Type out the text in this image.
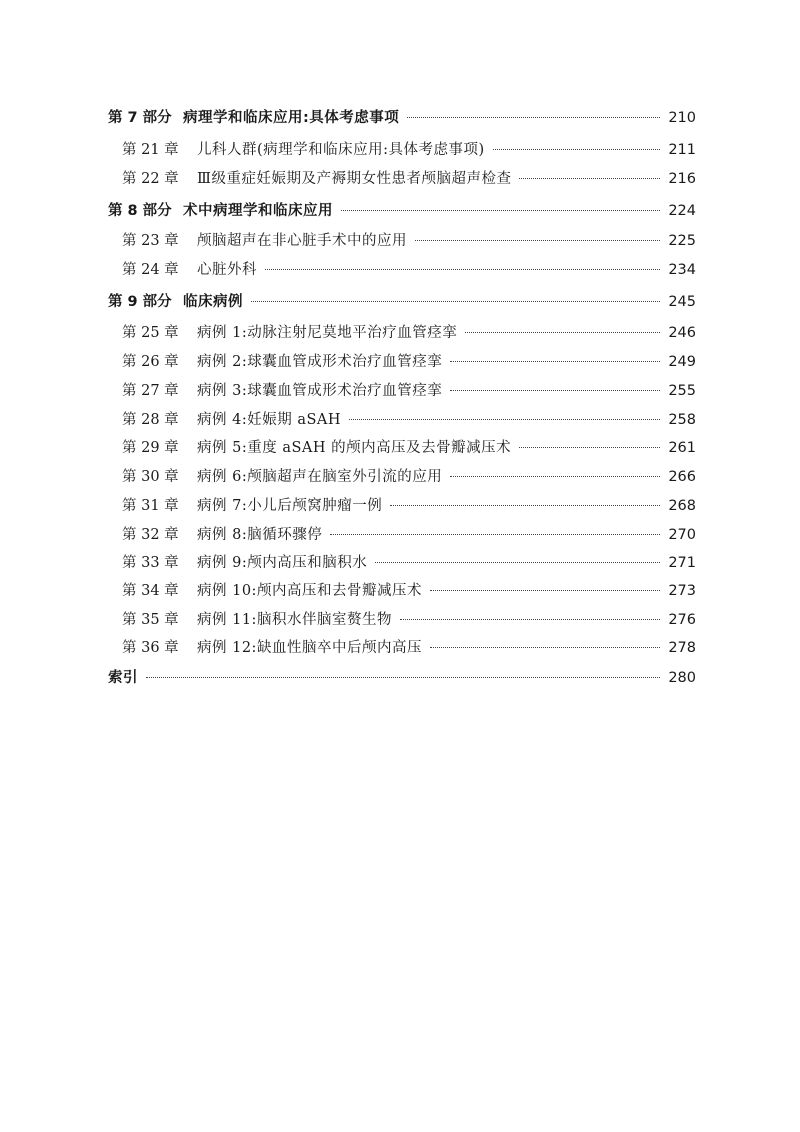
第 7 部分 病理学和临床应用:具体考虑事项	210
第 21 章	儿科人群(病理学和临床应用:具体考虑事项)	211
第 22 章	Ⅲ级重症妊娠期及产褥期女性患者颅脑超声检查	216
第 8 部分 术中病理学和临床应用	224
第 23 章	颅脑超声在非心脏手术中的应用	225
第 24 章	心脏外科	234
第 9 部分 临床病例	245
第 25 章	病例 1:动脉注射尼莫地平治疗血管痉挛	246
第 26 章	病例 2:球囊血管成形术治疗血管痉挛	249
第 27 章	病例 3:球囊血管成形术治疗血管痉挛	255
第 28 章	病例 4:妊娠期 aSAH	258
第 29 章	病例 5:重度 aSAH 的颅内高压及去骨瓣减压术	261
第 30 章	病例 6:颅脑超声在脑室外引流的应用	266
第 31 章	病例 7:小儿后颅窝肿瘤一例	268
第 32 章	病例 8:脑循环骤停	270
第 33 章	病例 9:颅内高压和脑积水	271
第 34 章	病例 10:颅内高压和去骨瓣减压术	273
第 35 章	病例 11:脑积水伴脑室赘生物	276
第 36 章	病例 12:缺血性脑卒中后颅内高压	278
索引	280
